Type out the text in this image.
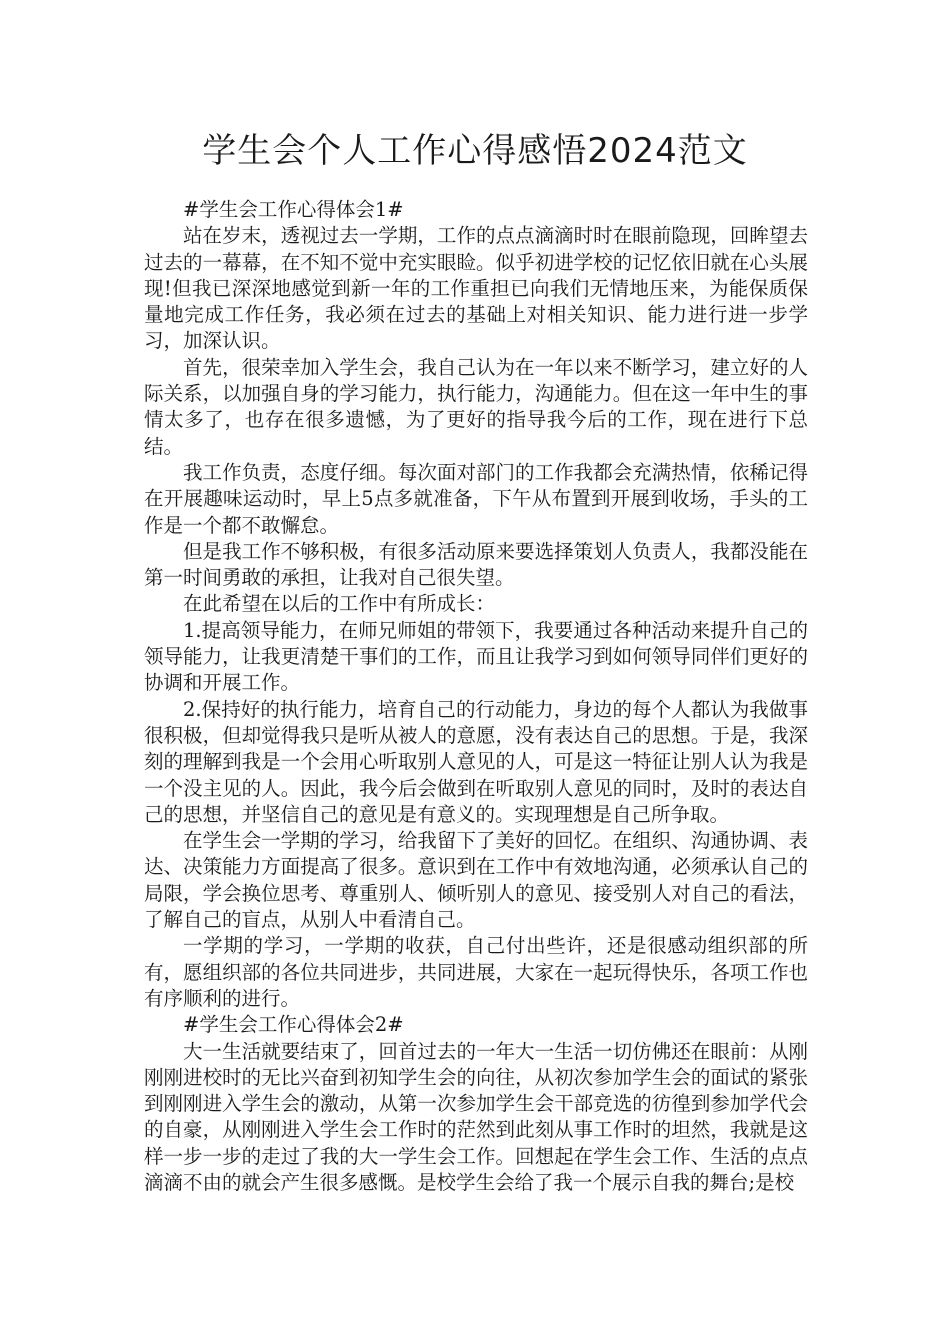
学生会个人工作心得感悟2024范文

#学生会工作心得体会1#

站在岁末，透视过去一学期，工作的点点滴滴时时在眼前隐现，回眸望去过去的一幕幕，在不知不觉中充实眼睑。似乎初进学校的记忆依旧就在心头展现!但我已深深地感觉到新一年的工作重担已向我们无情地压来，为能保质保量地完成工作任务，我必须在过去的基础上对相关知识、能力进行进一步学习，加深认识。

首先，很荣幸加入学生会，我自己认为在一年以来不断学习，建立好的人际关系，以加强自身的学习能力，执行能力，沟通能力。但在这一年中生的事情太多了，也存在很多遗憾，为了更好的指导我今后的工作，现在进行下总结。

我工作负责，态度仔细。每次面对部门的工作我都会充满热情，依稀记得在开展趣味运动时，早上5点多就准备，下午从布置到开展到收场，手头的工作是一个都不敢懈怠。

但是我工作不够积极，有很多活动原来要选择策划人负责人，我都没能在第一时间勇敢的承担，让我对自己很失望。

在此希望在以后的工作中有所成长：

1.提高领导能力，在师兄师姐的带领下，我要通过各种活动来提升自己的领导能力，让我更清楚干事们的工作，而且让我学习到如何领导同伴们更好的协调和开展工作。

2.保持好的执行能力，培育自己的行动能力，身边的每个人都认为我做事很积极，但却觉得我只是听从被人的意愿，没有表达自己的思想。于是，我深刻的理解到我是一个会用心听取别人意见的人，可是这一特征让别人认为我是一个没主见的人。因此，我今后会做到在听取别人意见的同时，及时的表达自己的思想，并坚信自己的意见是有意义的。实现理想是自己所争取。

在学生会一学期的学习，给我留下了美好的回忆。在组织、沟通协调、表达、决策能力方面提高了很多。意识到在工作中有效地沟通，必须承认自己的局限，学会换位思考、尊重别人、倾听别人的意见、接受别人对自己的看法，了解自己的盲点，从别人中看清自己。

一学期的学习，一学期的收获，自己付出些许，还是很感动组织部的所有，愿组织部的各位共同进步，共同进展，大家在一起玩得快乐，各项工作也有序顺利的进行。

#学生会工作心得体会2#

大一生活就要结束了，回首过去的一年大一生活一切仿佛还在眼前：从刚刚刚进校时的无比兴奋到初知学生会的向往，从初次参加学生会的面试的紧张到刚刚进入学生会的激动，从第一次参加学生会干部竞选的彷徨到参加学代会的自豪，从刚刚进入学生会工作时的茫然到此刻从事工作时的坦然，我就是这样一步一步的走过了我的大一学生会工作。回想起在学生会工作、生活的点点滴滴不由的就会产生很多感慨。是校学生会给了我一个展示自我的舞台;是校
